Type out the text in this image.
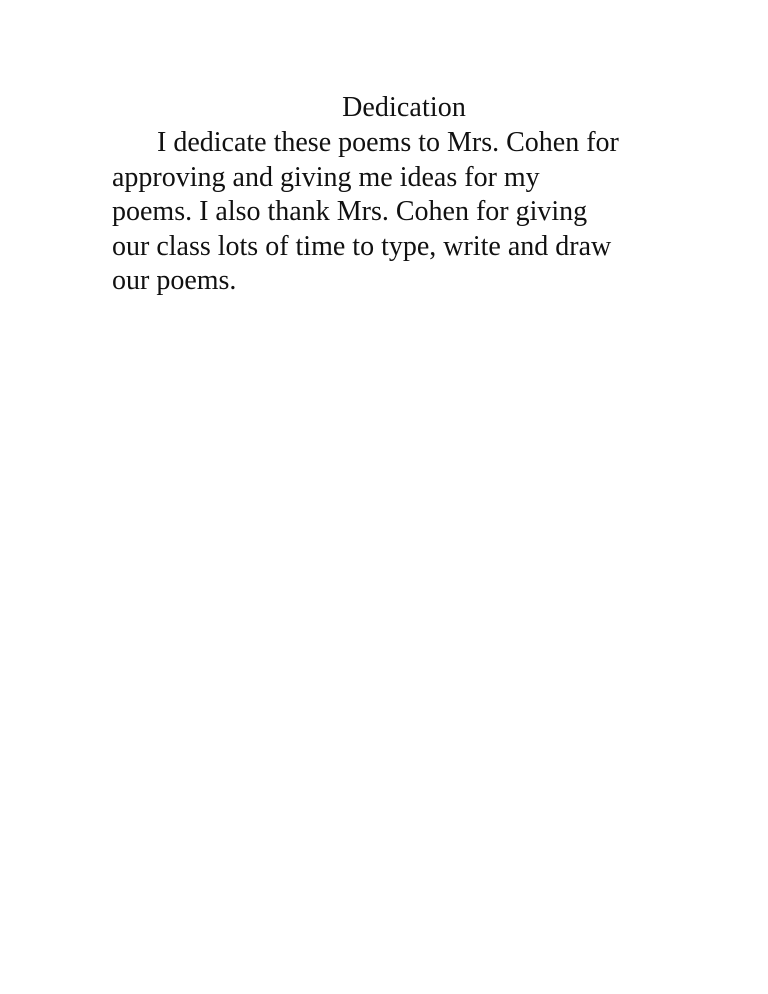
Dedication
I dedicate these poems to Mrs. Cohen for
approving and giving me ideas for my
poems. I also thank Mrs. Cohen for giving
our class lots of time to type, write and draw
our poems.
